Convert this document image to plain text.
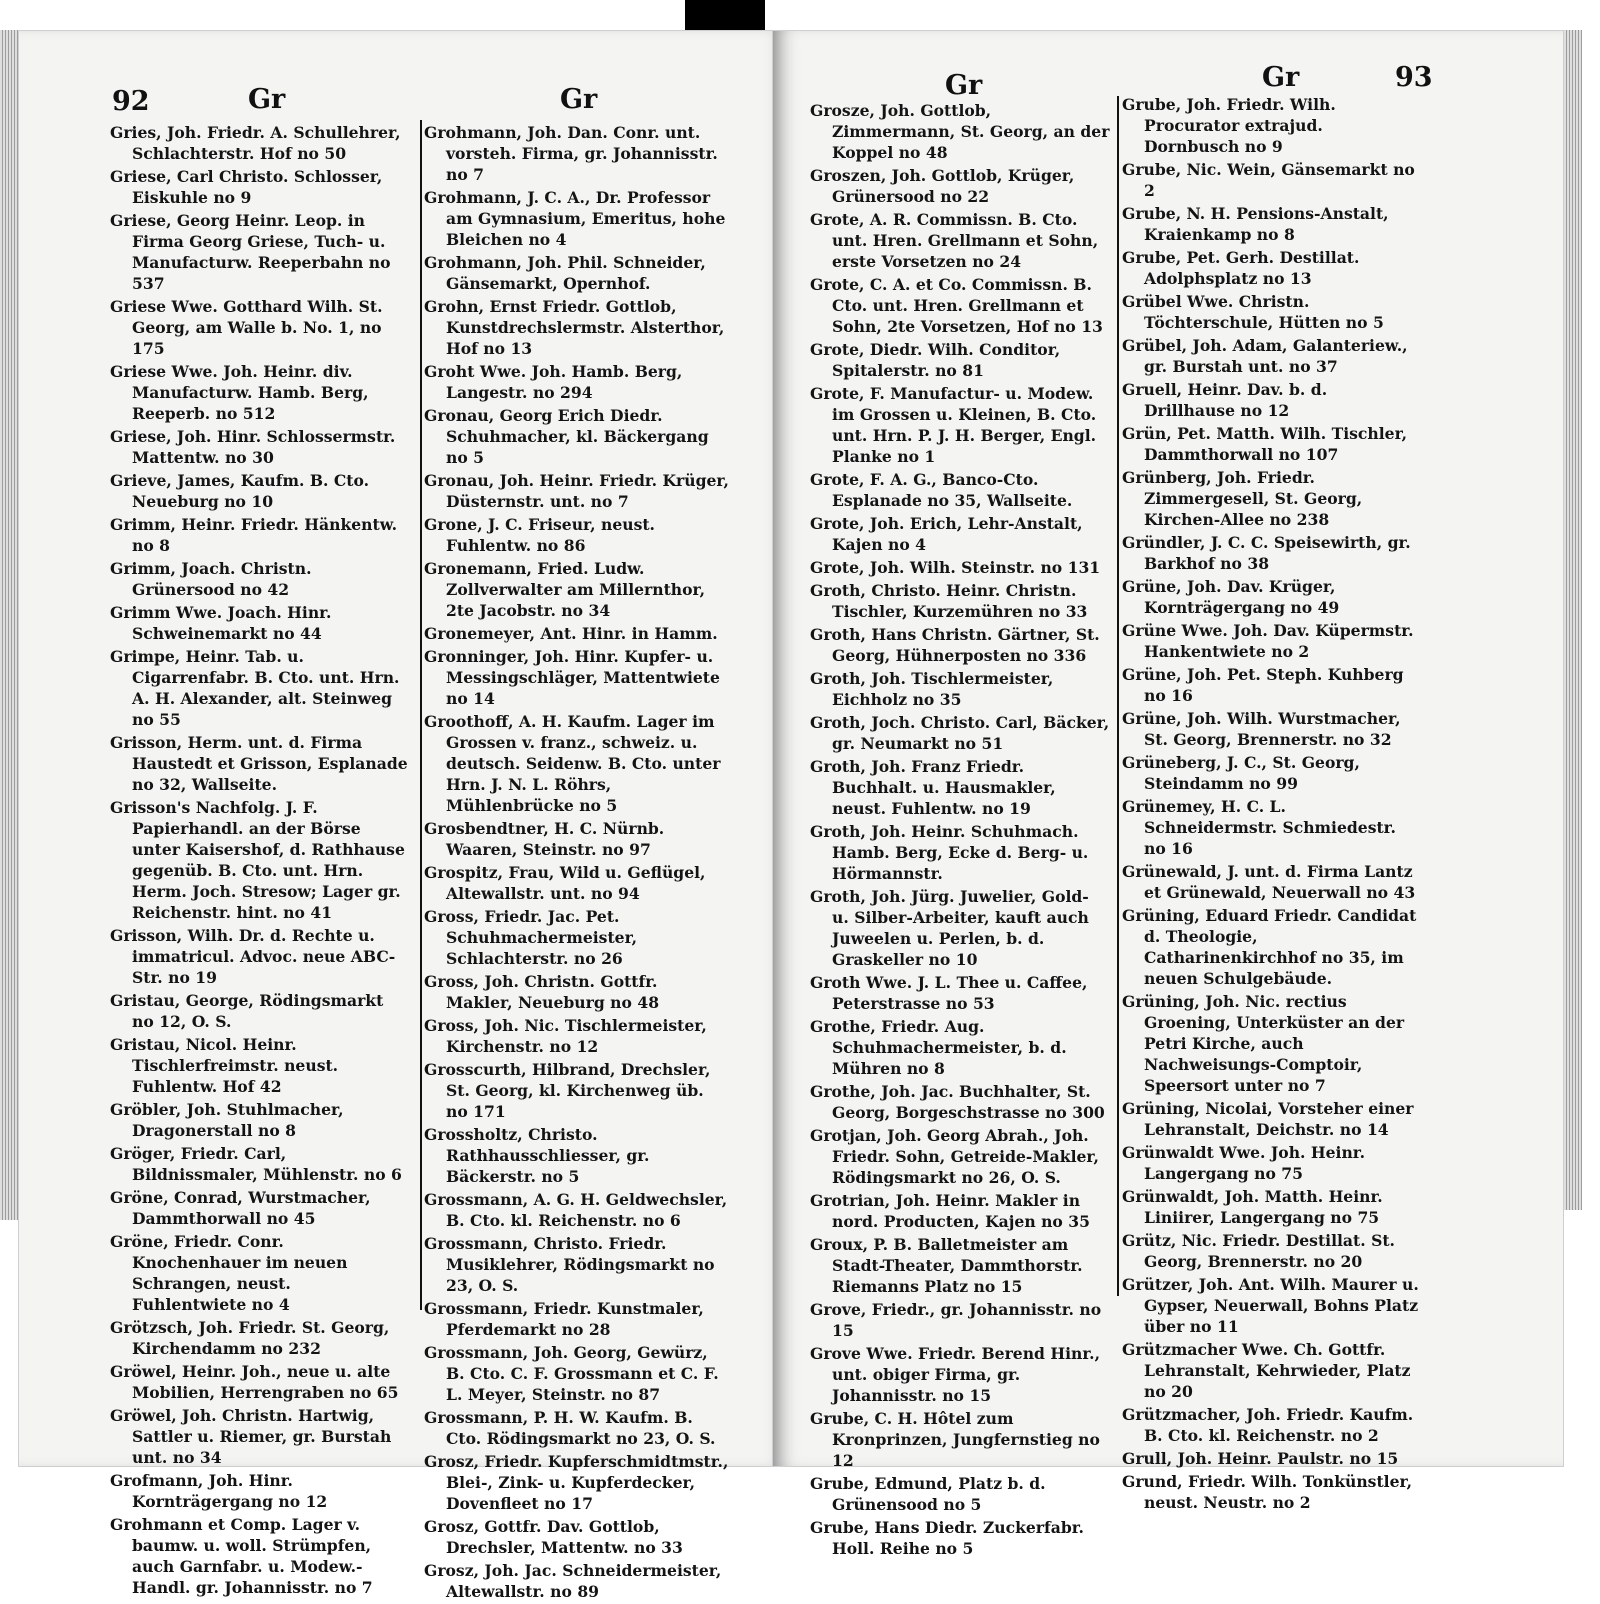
92	Gr	Gr	Gr	Gr	93
Gries, Joh. Friedr. A. Schullehrer, Schlachterstr. Hof no 50
Griese, Carl Christo. Schlosser, Eiskuhle no 9
Griese, Georg Heinr. Leop. in Firma Georg Griese, Tuch- u. Manufacturw. Reeperbahn no 537
Griese Wwe. Gotthard Wilh. St. Georg, am Walle b. No. 1, no 175
Griese Wwe. Joh. Heinr. div. Manufacturw. Hamb. Berg, Reeperb. no 512
Griese, Joh. Hinr. Schlossermstr. Mattentw. no 30
Grieve, James, Kaufm. B. Cto. Neueburg no 10
Grimm, Heinr. Friedr. Hänkentw. no 8
Grimm, Joach. Christn. Grünersood no 42
Grimm Wwe. Joach. Hinr. Schweinemarkt no 44
Grimpe, Heinr. Tab. u. Cigarrenfabr. B. Cto. unt. Hrn. A. H. Alexander, alt. Steinweg no 55
Grisson, Herm. unt. d. Firma Haustedt et Grisson, Esplanade no 32, Wallseite.
Grisson's Nachfolg. J. F. Papierhandl. an der Börse unter Kaisershof, d. Rathhause gegenüb. B. Cto. unt. Hrn. Herm. Joch. Stresow; Lager gr. Reichenstr. hint. no 41
Grisson, Wilh. Dr. d. Rechte u. immatricul. Advoc. neue ABC-Str. no 19
Gristau, George, Rödingsmarkt no 12, O. S.
Gristau, Nicol. Heinr. Tischlerfreimstr. neust. Fuhlentw. Hof 42
Gröbler, Joh. Stuhlmacher, Dragonerstall no 8
Gröger, Friedr. Carl, Bildnissmaler, Mühlenstr. no 6
Gröne, Conrad, Wurstmacher, Dammthorwall no 45
Gröne, Friedr. Conr. Knochenhauer im neuen Schrangen, neust. Fuhlentwiete no 4
Grötzsch, Joh. Friedr. St. Georg, Kirchendamm no 232
Gröwel, Heinr. Joh., neue u. alte Mobilien, Herrengraben no 65
Gröwel, Joh. Christn. Hartwig, Sattler u. Riemer, gr. Burstah unt. no 34
Grofmann, Joh. Hinr. Kornträgergang no 12
Grohmann et Comp. Lager v. baumw. u. woll. Strümpfen, auch Garnfabr. u. Modew.-Handl. gr. Johannisstr. no 7
Grohmann, Joh. Dan. Conr. unt. vorsteh. Firma, gr. Johannisstr. no 7
Grohmann, J. C. A., Dr. Professor am Gymnasium, Emeritus, hohe Bleichen no 4
Grohmann, Joh. Phil. Schneider, Gänsemarkt, Opernhof.
Grohn, Ernst Friedr. Gottlob, Kunstdrechslermstr. Alsterthor, Hof no 13
Groht Wwe. Joh. Hamb. Berg, Langestr. no 294
Gronau, Georg Erich Diedr. Schuhmacher, kl. Bäckergang no 5
Gronau, Joh. Heinr. Friedr. Krüger, Düsternstr. unt. no 7
Grone, J. C. Friseur, neust. Fuhlentw. no 86
Gronemann, Fried. Ludw. Zollverwalter am Millernthor, 2te Jacobstr. no 34
Gronemeyer, Ant. Hinr. in Hamm.
Gronninger, Joh. Hinr. Kupfer- u. Messingschläger, Mattentwiete no 14
Groothoff, A. H. Kaufm. Lager im Grossen v. franz., schweiz. u. deutsch. Seidenw. B. Cto. unter Hrn. J. N. L. Röhrs, Mühlenbrücke no 5
Grosbendtner, H. C. Nürnb. Waaren, Steinstr. no 97
Grospitz, Frau, Wild u. Geflügel, Altewallstr. unt. no 94
Gross, Friedr. Jac. Pet. Schuhmachermeister, Schlachterstr. no 26
Gross, Joh. Christn. Gottfr. Makler, Neueburg no 48
Gross, Joh. Nic. Tischlermeister, Kirchenstr. no 12
Grosscurth, Hilbrand, Drechsler, St. Georg, kl. Kirchenweg üb. no 171
Grossholtz, Christo. Rathhausschliesser, gr. Bäckerstr. no 5
Grossmann, A. G. H. Geldwechsler, B. Cto. kl. Reichenstr. no 6
Grossmann, Christo. Friedr. Musiklehrer, Rödingsmarkt no 23, O. S.
Grossmann, Friedr. Kunstmaler, Pferdemarkt no 28
Grossmann, Joh. Georg, Gewürz, B. Cto. C. F. Grossmann et C. F. L. Meyer, Steinstr. no 87
Grossmann, P. H. W. Kaufm. B. Cto. Rödingsmarkt no 23, O. S.
Grosz, Friedr. Kupferschmidtmstr., Blei-, Zink- u. Kupferdecker, Dovenfleet no 17
Grosz, Gottfr. Dav. Gottlob, Drechsler, Mattentw. no 33
Grosz, Joh. Jac. Schneidermeister, Altewallstr. no 89
Grosze, Joh. Gottlob, Zimmermann, St. Georg, an der Koppel no 48
Groszen, Joh. Gottlob, Krüger, Grünersood no 22
Grote, A. R. Commissn. B. Cto. unt. Hren. Grellmann et Sohn, erste Vorsetzen no 24
Grote, C. A. et Co. Commissn. B. Cto. unt. Hren. Grellmann et Sohn, 2te Vorsetzen, Hof no 13
Grote, Diedr. Wilh. Conditor, Spitalerstr. no 81
Grote, F. Manufactur- u. Modew. im Grossen u. Kleinen, B. Cto. unt. Hrn. P. J. H. Berger, Engl. Planke no 1
Grote, F. A. G., Banco-Cto. Esplanade no 35, Wallseite.
Grote, Joh. Erich, Lehr-Anstalt, Kajen no 4
Grote, Joh. Wilh. Steinstr. no 131
Groth, Christo. Heinr. Christn. Tischler, Kurzemühren no 33
Groth, Hans Christn. Gärtner, St. Georg, Hühnerposten no 336
Groth, Joh. Tischlermeister, Eichholz no 35
Groth, Joch. Christo. Carl, Bäcker, gr. Neumarkt no 51
Groth, Joh. Franz Friedr. Buchhalt. u. Hausmakler, neust. Fuhlentw. no 19
Groth, Joh. Heinr. Schuhmach. Hamb. Berg, Ecke d. Berg- u. Hörmannstr.
Groth, Joh. Jürg. Juwelier, Gold- u. Silber-Arbeiter, kauft auch Juweelen u. Perlen, b. d. Graskeller no 10
Groth Wwe. J. L. Thee u. Caffee, Peterstrasse no 53
Grothe, Friedr. Aug. Schuhmachermeister, b. d. Mühren no 8
Grothe, Joh. Jac. Buchhalter, St. Georg, Borgeschstrasse no 300
Grotjan, Joh. Georg Abrah., Joh. Friedr. Sohn, Getreide-Makler, Rödingsmarkt no 26, O. S.
Grotrian, Joh. Heinr. Makler in nord. Producten, Kajen no 35
Groux, P. B. Balletmeister am Stadt-Theater, Dammthorstr. Riemanns Platz no 15
Grove, Friedr., gr. Johannisstr. no 15
Grove Wwe. Friedr. Berend Hinr., unt. obiger Firma, gr. Johannisstr. no 15
Grube, C. H. Hôtel zum Kronprinzen, Jungfernstieg no 12
Grube, Edmund, Platz b. d. Grünensood no 5
Grube, Hans Diedr. Zuckerfabr. Holl. Reihe no 5
Grube, Joh. Friedr. Wilh. Procurator extrajud. Dornbusch no 9
Grube, Nic. Wein, Gänsemarkt no 2
Grube, N. H. Pensions-Anstalt, Kraienkamp no 8
Grube, Pet. Gerh. Destillat. Adolphsplatz no 13
Grübel Wwe. Christn. Töchterschule, Hütten no 5
Grübel, Joh. Adam, Galanteriew., gr. Burstah unt. no 37
Gruell, Heinr. Dav. b. d. Drillhause no 12
Grün, Pet. Matth. Wilh. Tischler, Dammthorwall no 107
Grünberg, Joh. Friedr. Zimmergesell, St. Georg, Kirchen-Allee no 238
Gründler, J. C. C. Speisewirth, gr. Barkhof no 38
Grüne, Joh. Dav. Krüger, Kornträgergang no 49
Grüne Wwe. Joh. Dav. Küpermstr. Hankentwiete no 2
Grüne, Joh. Pet. Steph. Kuhberg no 16
Grüne, Joh. Wilh. Wurstmacher, St. Georg, Brennerstr. no 32
Grüneberg, J. C., St. Georg, Steindamm no 99
Grünemey, H. C. L. Schneidermstr. Schmiedestr. no 16
Grünewald, J. unt. d. Firma Lantz et Grünewald, Neuerwall no 43
Grüning, Eduard Friedr. Candidat d. Theologie, Catharinenkirchhof no 35, im neuen Schulgebäude.
Grüning, Joh. Nic. rectius Groening, Unterküster an der Petri Kirche, auch Nachweisungs-Comptoir, Speersort unter no 7
Grüning, Nicolai, Vorsteher einer Lehranstalt, Deichstr. no 14
Grünwaldt Wwe. Joh. Heinr. Langergang no 75
Grünwaldt, Joh. Matth. Heinr. Liniirer, Langergang no 75
Grütz, Nic. Friedr. Destillat. St. Georg, Brennerstr. no 20
Grützer, Joh. Ant. Wilh. Maurer u. Gypser, Neuerwall, Bohns Platz über no 11
Grützmacher Wwe. Ch. Gottfr. Lehranstalt, Kehrwieder, Platz no 20
Grützmacher, Joh. Friedr. Kaufm. B. Cto. kl. Reichenstr. no 2
Grull, Joh. Heinr. Paulstr. no 15
Grund, Friedr. Wilh. Tonkünstler, neust. Neustr. no 2
